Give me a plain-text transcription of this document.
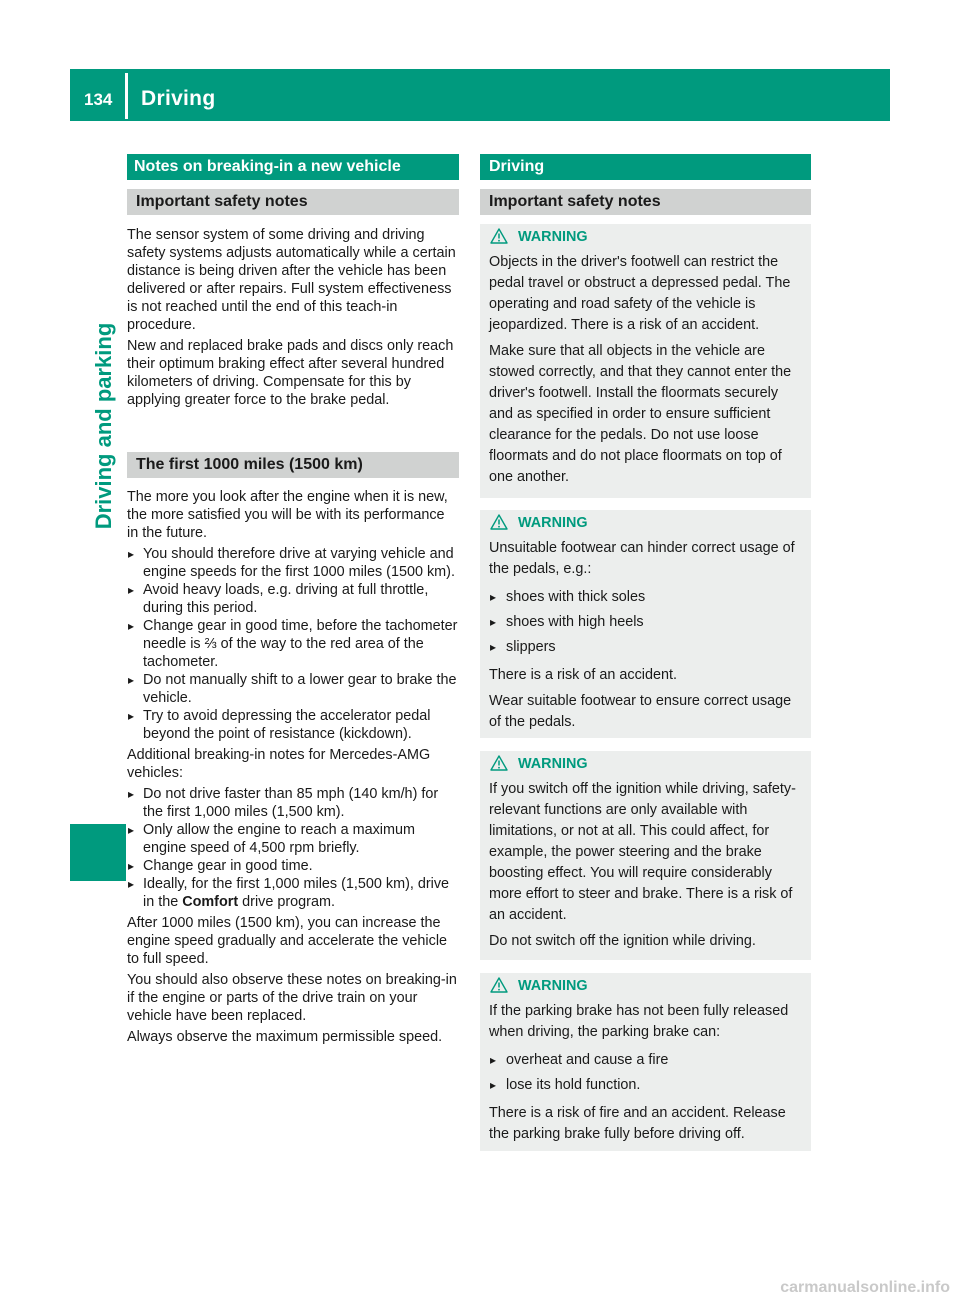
134 Driving
Driving and parking
Notes on breaking-in a new vehicle
Important safety notes

The sensor system of some driving and driving safety systems adjusts automatically while a certain distance is being driven after the vehicle has been delivered or after repairs. Full system effectiveness is not reached until the end of this teach-in procedure.

New and replaced brake pads and discs only reach their optimum braking effect after several hundred kilometers of driving. Compensate for this by applying greater force to the brake pedal.

The first 1000 miles (1500 km)

The more you look after the engine when it is new, the more satisfied you will be with its performance in the future.

▸ You should therefore drive at varying vehicle and engine speeds for the first 1000 miles (1500 km).
▸ Avoid heavy loads, e.g. driving at full throttle, during this period.
▸ Change gear in good time, before the tachometer needle is ⅔ of the way to the red area of the tachometer.
▸ Do not manually shift to a lower gear to brake the vehicle.
▸ Try to avoid depressing the accelerator pedal beyond the point of resistance (kickdown).

Additional breaking-in notes for Mercedes-AMG vehicles:

▸ Do not drive faster than 85 mph (140 km/h) for the first 1,000 miles (1,500 km).
▸ Only allow the engine to reach a maximum engine speed of 4,500 rpm briefly.
▸ Change gear in good time.
▸ Ideally, for the first 1,000 miles (1,500 km), drive in the Comfort drive program.

After 1000 miles (1500 km), you can increase the engine speed gradually and accelerate the vehicle to full speed.

You should also observe these notes on breaking-in if the engine or parts of the drive train on your vehicle have been replaced.

Always observe the maximum permissible speed.

Driving
Important safety notes
WARNING

Objects in the driver's footwell can restrict the pedal travel or obstruct a depressed pedal. The operating and road safety of the vehicle is jeopardized. There is a risk of an accident.

Make sure that all objects in the vehicle are stowed correctly, and that they cannot enter the driver's footwell. Install the floormats securely and as specified in order to ensure sufficient clearance for the pedals. Do not use loose floormats and do not place floormats on top of one another.

WARNING

Unsuitable footwear can hinder correct usage of the pedals, e.g.:

▸ shoes with thick soles
▸ shoes with high heels
▸ slippers

There is a risk of an accident.

Wear suitable footwear to ensure correct usage of the pedals.

WARNING

If you switch off the ignition while driving, safety-relevant functions are only available with limitations, or not at all. This could affect, for example, the power steering and the brake boosting effect. You will require considerably more effort to steer and brake. There is a risk of an accident.

Do not switch off the ignition while driving.

WARNING

If the parking brake has not been fully released when driving, the parking brake can:

▸ overheat and cause a fire
▸ lose its hold function.

There is a risk of fire and an accident. Release the parking brake fully before driving off.

carmanualsonline.info
